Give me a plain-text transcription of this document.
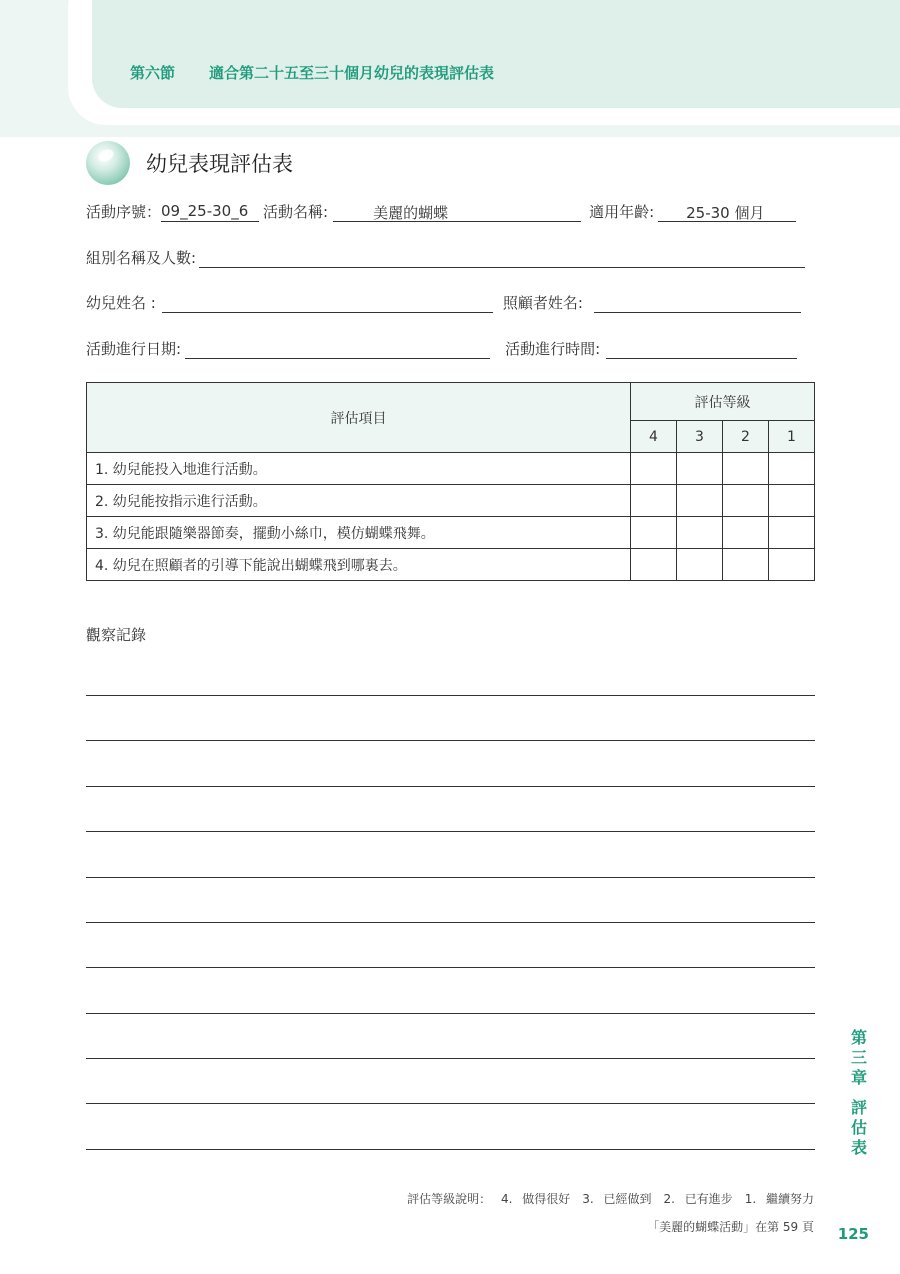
第六節 適合第二十五至三十個月幼兒的表現評估表
幼兒表現評估表
活動序號： 09_25-30_6 活動名稱:	美麗的蝴蝶	適用年齡:	25-30 個月
組別名稱及人數:
幼兒姓名 :	照顧者姓名:
活動進行日期:	活動進行時間:
評估項目	評估等級			
	4	3	2	1
1. 幼兒能投入地進行活動。				
2. 幼兒能按指示進行活動。				
3. 幼兒能跟隨樂器節奏，擺動小絲巾，模仿蝴蝶飛舞。				
4. 幼兒在照顧者的引導下能說出蝴蝶飛到哪裏去。				
觀察記錄
第
三
章
評
估
表
評估等級說明： 4. 做得很好　3. 已經做到　2. 已有進步　1. 繼續努力
「美麗的蝴蝶活動」在第 59 頁 125
